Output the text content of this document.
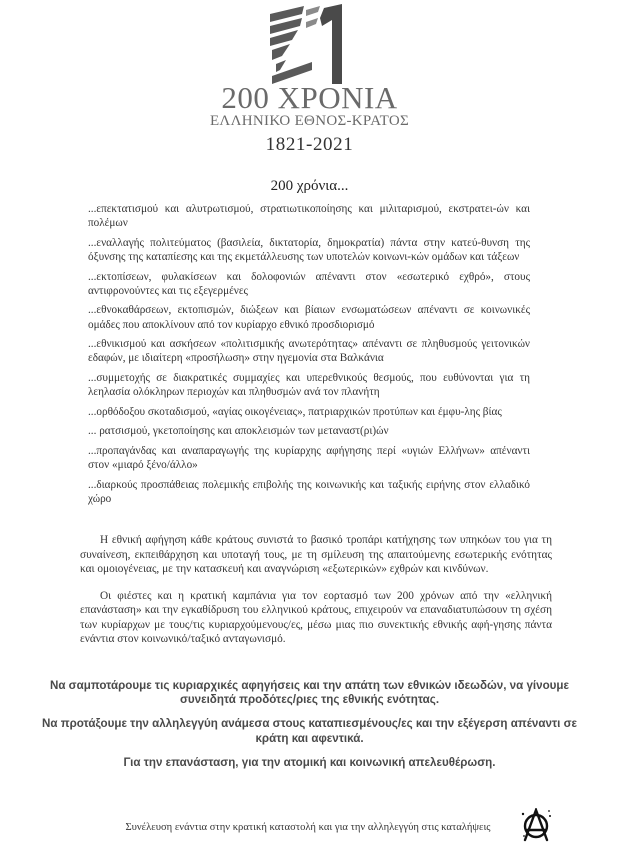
200 ΧΡΟΝΙΑ
ΕΛΛΗΝΙΚΟ ΕΘΝΟΣ-ΚΡΑΤΟΣ
1821-2021
200 χρόνια...

...επεκτατισμού και αλυτρωτισμού, στρατιωτικοποίησης και μιλιταρισμού, εκστρατει-ών και πολέμων

...εναλλαγής πολιτεύματος (βασιλεία, δικτατορία, δημοκρατία) πάντα στην κατεύ-θυνση της όξυνσης της καταπίεσης και της εκμετάλλευσης των υποτελών κοινωνι-κών ομάδων και τάξεων

...εκτοπίσεων, φυλακίσεων και δολοφονιών απέναντι στον «εσωτερικό εχθρό», στους αντιφρονούντες και τις εξεγερμένες

...εθνοκαθάρσεων, εκτοπισμών, διώξεων και βίαιων ενσωματώσεων απέναντι σε κοινωνικές ομάδες που αποκλίνουν από τον κυρίαρχο εθνικό προσδιορισμό

...εθνικισμού και ασκήσεων «πολιτισμικής ανωτερότητας» απέναντι σε πληθυσμούς γειτονικών εδαφών, με ιδιαίτερη «προσήλωση» στην ηγεμονία στα Βαλκάνια

...συμμετοχής σε διακρατικές συμμαχίες και υπερεθνικούς θεσμούς, που ευθύνονται για τη λεηλασία ολόκληρων περιοχών και πληθυσμών ανά τον πλανήτη

...ορθόδοξου σκοταδισμού, «αγίας οικογένειας», πατριαρχικών προτύπων και έμφυ-λης βίας

... ρατσισμού, γκετοποίησης και αποκλεισμών των μεταναστ(ρι)ών

...προπαγάνδας και αναπαραγωγής της κυρίαρχης αφήγησης περί «υγιών Ελλήνων» απέναντι στον «μιαρό ξένο/άλλο»

...διαρκούς προσπάθειας πολεμικής επιβολής της κοινωνικής και ταξικής ειρήνης στον ελλαδικό χώρο

Η εθνική αφήγηση κάθε κράτους συνιστά το βασικό τροπάρι κατήχησης των υπηκόων του για τη συναίνεση, εκπειθάρχηση και υποταγή τους, με τη σμίλευση της απαιτούμενης εσωτερικής ενότητας και ομοιογένειας, με την κατασκευή και αναγνώριση «εξωτερικών» εχθρών και κινδύνων.

Οι φιέστες και η κρατική καμπάνια για τον εορτασμό των 200 χρόνων από την «ελληνική επανάσταση» και την εγκαθίδρυση του ελληνικού κράτους, επιχειρούν να επαναδιατυπώσουν τη σχέση των κυρίαρχων με τους/τις κυριαρχούμενους/ες, μέσω μιας πιο συνεκτικής εθνικής αφή-γησης πάντα ενάντια στον κοινωνικό/ταξικό ανταγωνισμό.

Να σαμποτάρουμε τις κυριαρχικές αφηγήσεις και την απάτη των εθνικών ιδεωδών, να γίνουμε συνειδητά προδότες/ριες της εθνικής ενότητας.

Να προτάξουμε την αλληλεγγύη ανάμεσα στους καταπιεσμένους/ες και την εξέγερση απέναντι σε κράτη και αφεντικά.

Για την επανάσταση, για την ατομική και κοινωνική απελευθέρωση.

Συνέλευση ενάντια στην κρατική καταστολή και για την αλληλεγγύη στις καταλήψεις
